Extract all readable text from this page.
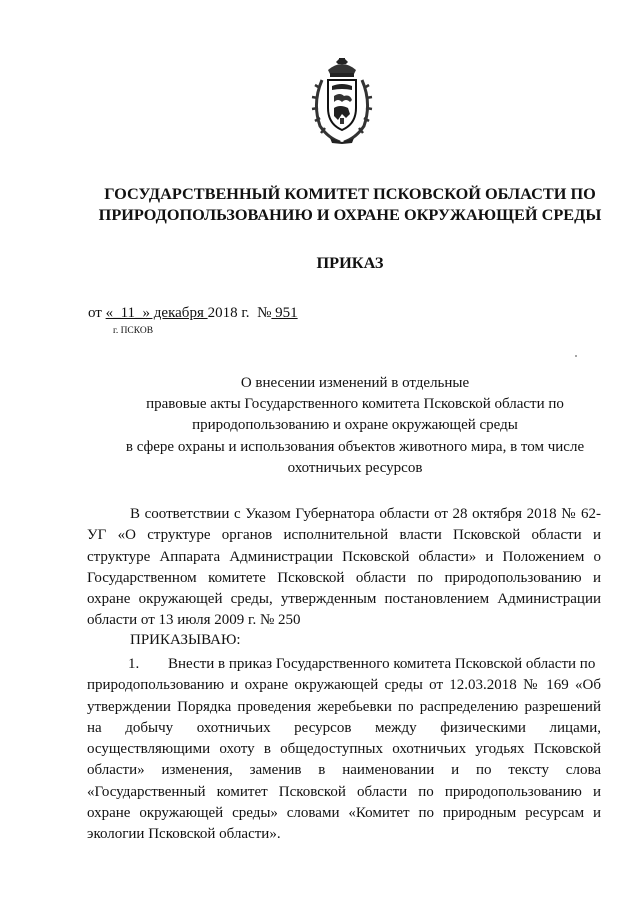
ГОСУДАРСТВЕННЫЙ КОМИТЕТ ПСКОВСКОЙ ОБЛАСТИ ПО
ПРИРОДОПОЛЬЗОВАНИЮ И ОХРАНЕ ОКРУЖАЮЩЕЙ СРЕДЫ
ПРИКАЗ
от «_11_» декабря 2018 г. № 951
г. ПСКОВ
О внесении изменений в отдельные
правовые акты Государственного комитета Псковской области по
природопользованию и охране окружающей среды
в сфере охраны и использования объектов животного мира, в том числе
охотничьих ресурсов
В соответствии с Указом Губернатора области от 28 октября 2018 № 62-
УГ «О структуре органов исполнительной власти Псковской области и
структуре Аппарата Администрации Псковской области» и Положением о
Государственном комитете Псковской области по природопользованию и
охране окружающей среды, утвержденным постановлением Администрации
области от 13 июля 2009 г. № 250
ПРИКАЗЫВАЮ:
1. Внести в приказ Государственного комитета Псковской области по
природопользованию и охране окружающей среды от 12.03.2018 № 169 «Об
утверждении Порядка проведения жеребьевки по распределению разрешений
на добычу охотничьих ресурсов между физическими лицами,
осуществляющими охоту в общедоступных охотничьих угодьях Псковской
области» изменения, заменив в наименовании и по тексту слова
«Государственный комитет Псковской области по природопользованию и
охране окружающей среды» словами «Комитет по природным ресурсам и
экологии Псковской области».
